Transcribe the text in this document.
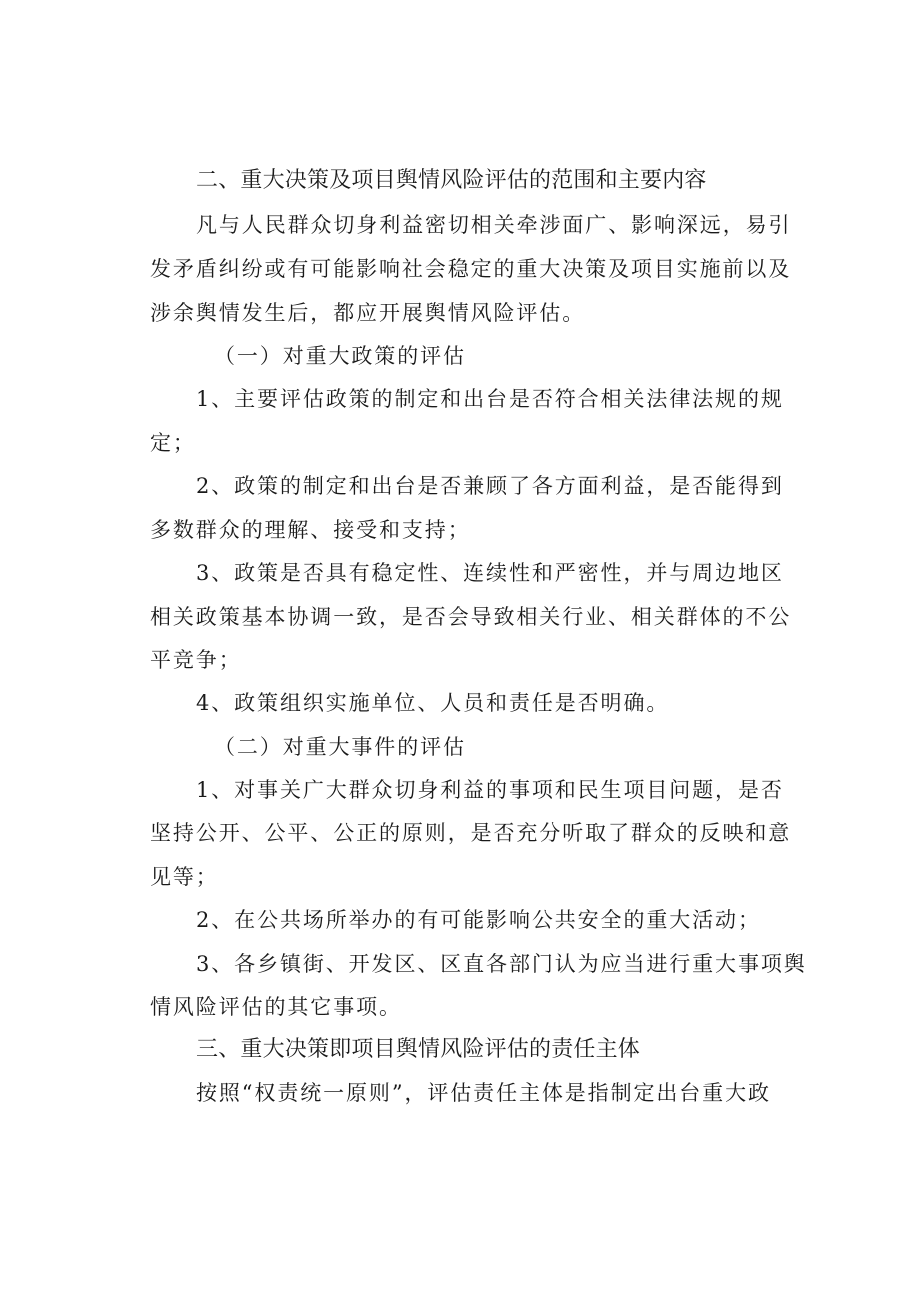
二、重大决策及项目舆情风险评估的范围和主要内容
凡与人民群众切身利益密切相关牵涉面广、影响深远，易引
发矛盾纠纷或有可能影响社会稳定的重大决策及项目实施前以及
涉余舆情发生后，都应开展舆情风险评估。
（一）对重大政策的评估
1、主要评估政策的制定和出台是否符合相关法律法规的规
定；
2、政策的制定和出台是否兼顾了各方面利益，是否能得到
多数群众的理解、接受和支持；
3、政策是否具有稳定性、连续性和严密性，并与周边地区
相关政策基本协调一致，是否会导致相关行业、相关群体的不公
平竞争；
4、政策组织实施单位、人员和责任是否明确。
（二）对重大事件的评估
1、对事关广大群众切身利益的事项和民生项目问题，是否
坚持公开、公平、公正的原则，是否充分听取了群众的反映和意
见等；
2、在公共场所举办的有可能影响公共安全的重大活动；
3、各乡镇街、开发区、区直各部门认为应当进行重大事项舆
情风险评估的其它事项。
三、重大决策即项目舆情风险评估的责任主体
按照“权责统一原则”，评估责任主体是指制定出台重大政
